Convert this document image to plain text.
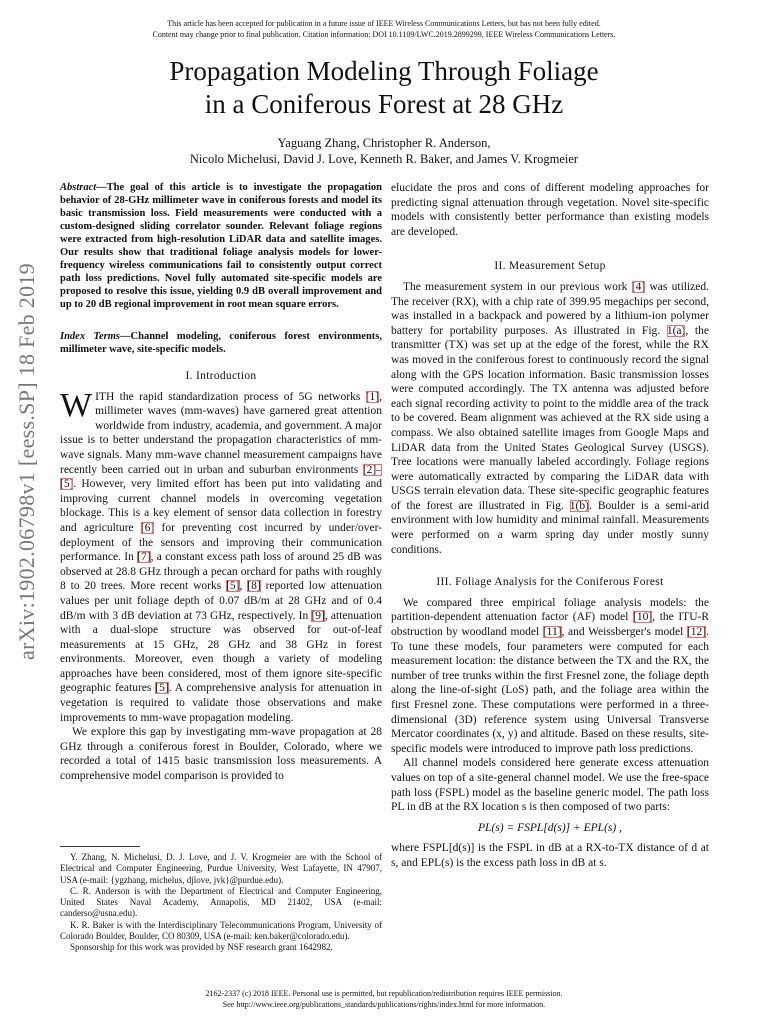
This article has been accepted for publication in a future issue of IEEE Wireless Communications Letters, but has not been fully edited.
Content may change prior to final publication. Citation information: DOI 10.1109/LWC.2019.2899299, IEEE Wireless Communications Letters.
Propagation Modeling Through Foliage
in a Coniferous Forest at 28 GHz
Yaguang Zhang, Christopher R. Anderson,
Nicolo Michelusi, David J. Love, Kenneth R. Baker, and James V. Krogmeier
arXiv:1902.06798v1 [eess.SP] 18 Feb 2019
Abstract—The goal of this article is to investigate the propagation behavior of 28-GHz millimeter wave in coniferous forests and model its basic transmission loss. Field measurements were conducted with a custom-designed sliding correlator sounder. Relevant foliage regions were extracted from high-resolution LiDAR data and satellite images. Our results show that traditional foliage analysis models for lower-frequency wireless communications fail to consistently output correct path loss predictions. Novel fully automated site-specific models are proposed to resolve this issue, yielding 0.9 dB overall improvement and up to 20 dB regional improvement in root mean square errors.
Index Terms—Channel modeling, coniferous forest environments, millimeter wave, site-specific models.
I. Introduction

WITH the rapid standardization process of 5G networks [1], millimeter waves (mm-waves) have garnered great attention worldwide from industry, academia, and government. A major issue is to better understand the propagation characteristics of mm-wave signals. Many mm-wave channel measurement campaigns have recently been carried out in urban and suburban environments [2]–[5]. However, very limited effort has been put into validating and improving current channel models in overcoming vegetation blockage. This is a key element of sensor data collection in forestry and agriculture [6] for preventing cost incurred by under/over-deployment of the sensors and improving their communication performance. In [7], a constant excess path loss of around 25 dB was observed at 28.8 GHz through a pecan orchard for paths with roughly 8 to 20 trees. More recent works [5], [8] reported low attenuation values per unit foliage depth of 0.07 dB/m at 28 GHz and of 0.4 dB/m with 3 dB deviation at 73 GHz, respectively. In [9], attenuation with a dual-slope structure was observed for out-of-leaf measurements at 15 GHz, 28 GHz and 38 GHz in forest environments. Moreover, even though a variety of modeling approaches have been considered, most of them ignore site-specific geographic features [5]. A comprehensive analysis for attenuation in vegetation is required to validate those observations and make improvements to mm-wave propagation modeling.

We explore this gap by investigating mm-wave propagation at 28 GHz through a coniferous forest in Boulder, Colorado, where we recorded a total of 1415 basic transmission loss measurements. A comprehensive model comparison is provided to

Y. Zhang, N. Michelusi, D. J. Love, and J. V. Krogmeier are with the School of Electrical and Computer Engineering, Purdue University, West Lafayette, IN 47907, USA (e-mail: {ygzhang, michelus, djlove, jvk}@purdue.edu).

C. R. Anderson is with the Department of Electrical and Computer Engineering, United States Naval Academy, Annapolis, MD 21402, USA (e-mail: canderso@usna.edu).

K. R. Baker is with the Interdisciplinary Telecommunications Program, University of Colorado Boulder, Boulder, CO 80309, USA (e-mail: ken.baker@colorado.edu).

Sponsorship for this work was provided by NSF research grant 1642982.

elucidate the pros and cons of different modeling approaches for predicting signal attenuation through vegetation. Novel site-specific models with consistently better performance than existing models are developed.

II. Measurement Setup

The measurement system in our previous work [4] was utilized. The receiver (RX), with a chip rate of 399.95 megachips per second, was installed in a backpack and powered by a lithium-ion polymer battery for portability purposes. As illustrated in Fig. 1(a), the transmitter (TX) was set up at the edge of the forest, while the RX was moved in the coniferous forest to continuously record the signal along with the GPS location information. Basic transmission losses were computed accordingly. The TX antenna was adjusted before each signal recording activity to point to the middle area of the track to be covered. Beam alignment was achieved at the RX side using a compass. We also obtained satellite images from Google Maps and LiDAR data from the United States Geological Survey (USGS). Tree locations were manually labeled accordingly. Foliage regions were automatically extracted by comparing the LiDAR data with USGS terrain elevation data. These site-specific geographic features of the forest are illustrated in Fig. 1(b). Boulder is a semi-arid environment with low humidity and minimal rainfall. Measurements were performed on a warm spring day under mostly sunny conditions.

III. Foliage Analysis for the Coniferous Forest

We compared three empirical foliage analysis models: the partition-dependent attenuation factor (AF) model [10], the ITU-R obstruction by woodland model [11], and Weissberger's model [12]. To tune these models, four parameters were computed for each measurement location: the distance between the TX and the RX, the number of tree trunks within the first Fresnel zone, the foliage depth along the line-of-sight (LoS) path, and the foliage area within the first Fresnel zone. These computations were performed in a three-dimensional (3D) reference system using Universal Transverse Mercator coordinates (x, y) and altitude. Based on these results, site-specific models were introduced to improve path loss predictions.

All channel models considered here generate excess attenuation values on top of a site-general channel model. We use the free-space path loss (FSPL) model as the baseline generic model. The path loss PL in dB at the RX location s is then composed of two parts:

PL(s) = FSPL[d(s)] + EPL(s) ,

where FSPL[d(s)] is the FSPL in dB at a RX-to-TX distance of d at s, and EPL(s) is the excess path loss in dB at s.

2162-2337 (c) 2018 IEEE. Personal use is permitted, but republication/redistribution requires IEEE permission.
See http://www.ieee.org/publications_standards/publications/rights/index.html for more information.
